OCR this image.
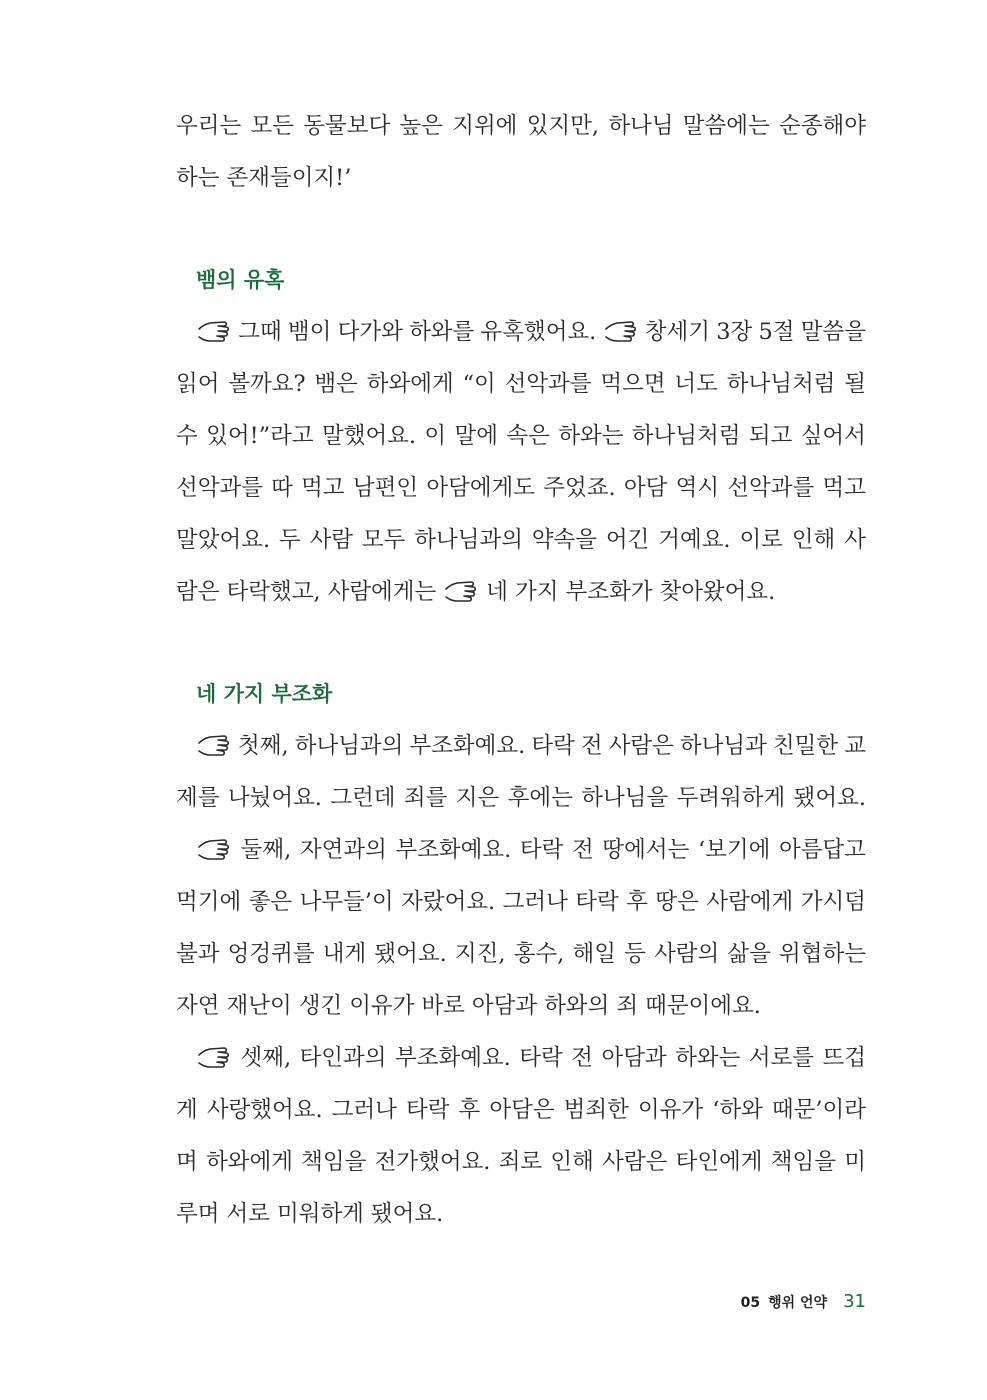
우리는 모든 동물보다 높은 지위에 있지만, 하나님 말씀에는 순종해야
하는 존재들이지!’
뱀의 유혹
그때 뱀이 다가와 하와를 유혹했어요. 창세기 3장 5절 말씀을
읽어 볼까요? 뱀은 하와에게 “이 선악과를 먹으면 너도 하나님처럼 될
수 있어!”라고 말했어요. 이 말에 속은 하와는 하나님처럼 되고 싶어서
선악과를 따 먹고 남편인 아담에게도 주었죠. 아담 역시 선악과를 먹고
말았어요. 두 사람 모두 하나님과의 약속을 어긴 거예요. 이로 인해 사
람은 타락했고, 사람에게는 네 가지 부조화가 찾아왔어요.
네 가지 부조화
첫째, 하나님과의 부조화예요. 타락 전 사람은 하나님과 친밀한 교
제를 나눴어요. 그런데 죄를 지은 후에는 하나님을 두려워하게 됐어요.
둘째, 자연과의 부조화예요. 타락 전 땅에서는 ‘보기에 아름답고
먹기에 좋은 나무들’이 자랐어요. 그러나 타락 후 땅은 사람에게 가시덤
불과 엉겅퀴를 내게 됐어요. 지진, 홍수, 해일 등 사람의 삶을 위협하는
자연 재난이 생긴 이유가 바로 아담과 하와의 죄 때문이에요.
셋째, 타인과의 부조화예요. 타락 전 아담과 하와는 서로를 뜨겁
게 사랑했어요. 그러나 타락 후 아담은 범죄한 이유가 ‘하와 때문’이라
며 하와에게 책임을 전가했어요. 죄로 인해 사람은 타인에게 책임을 미
루며 서로 미워하게 됐어요.
05 행위 언약 31
